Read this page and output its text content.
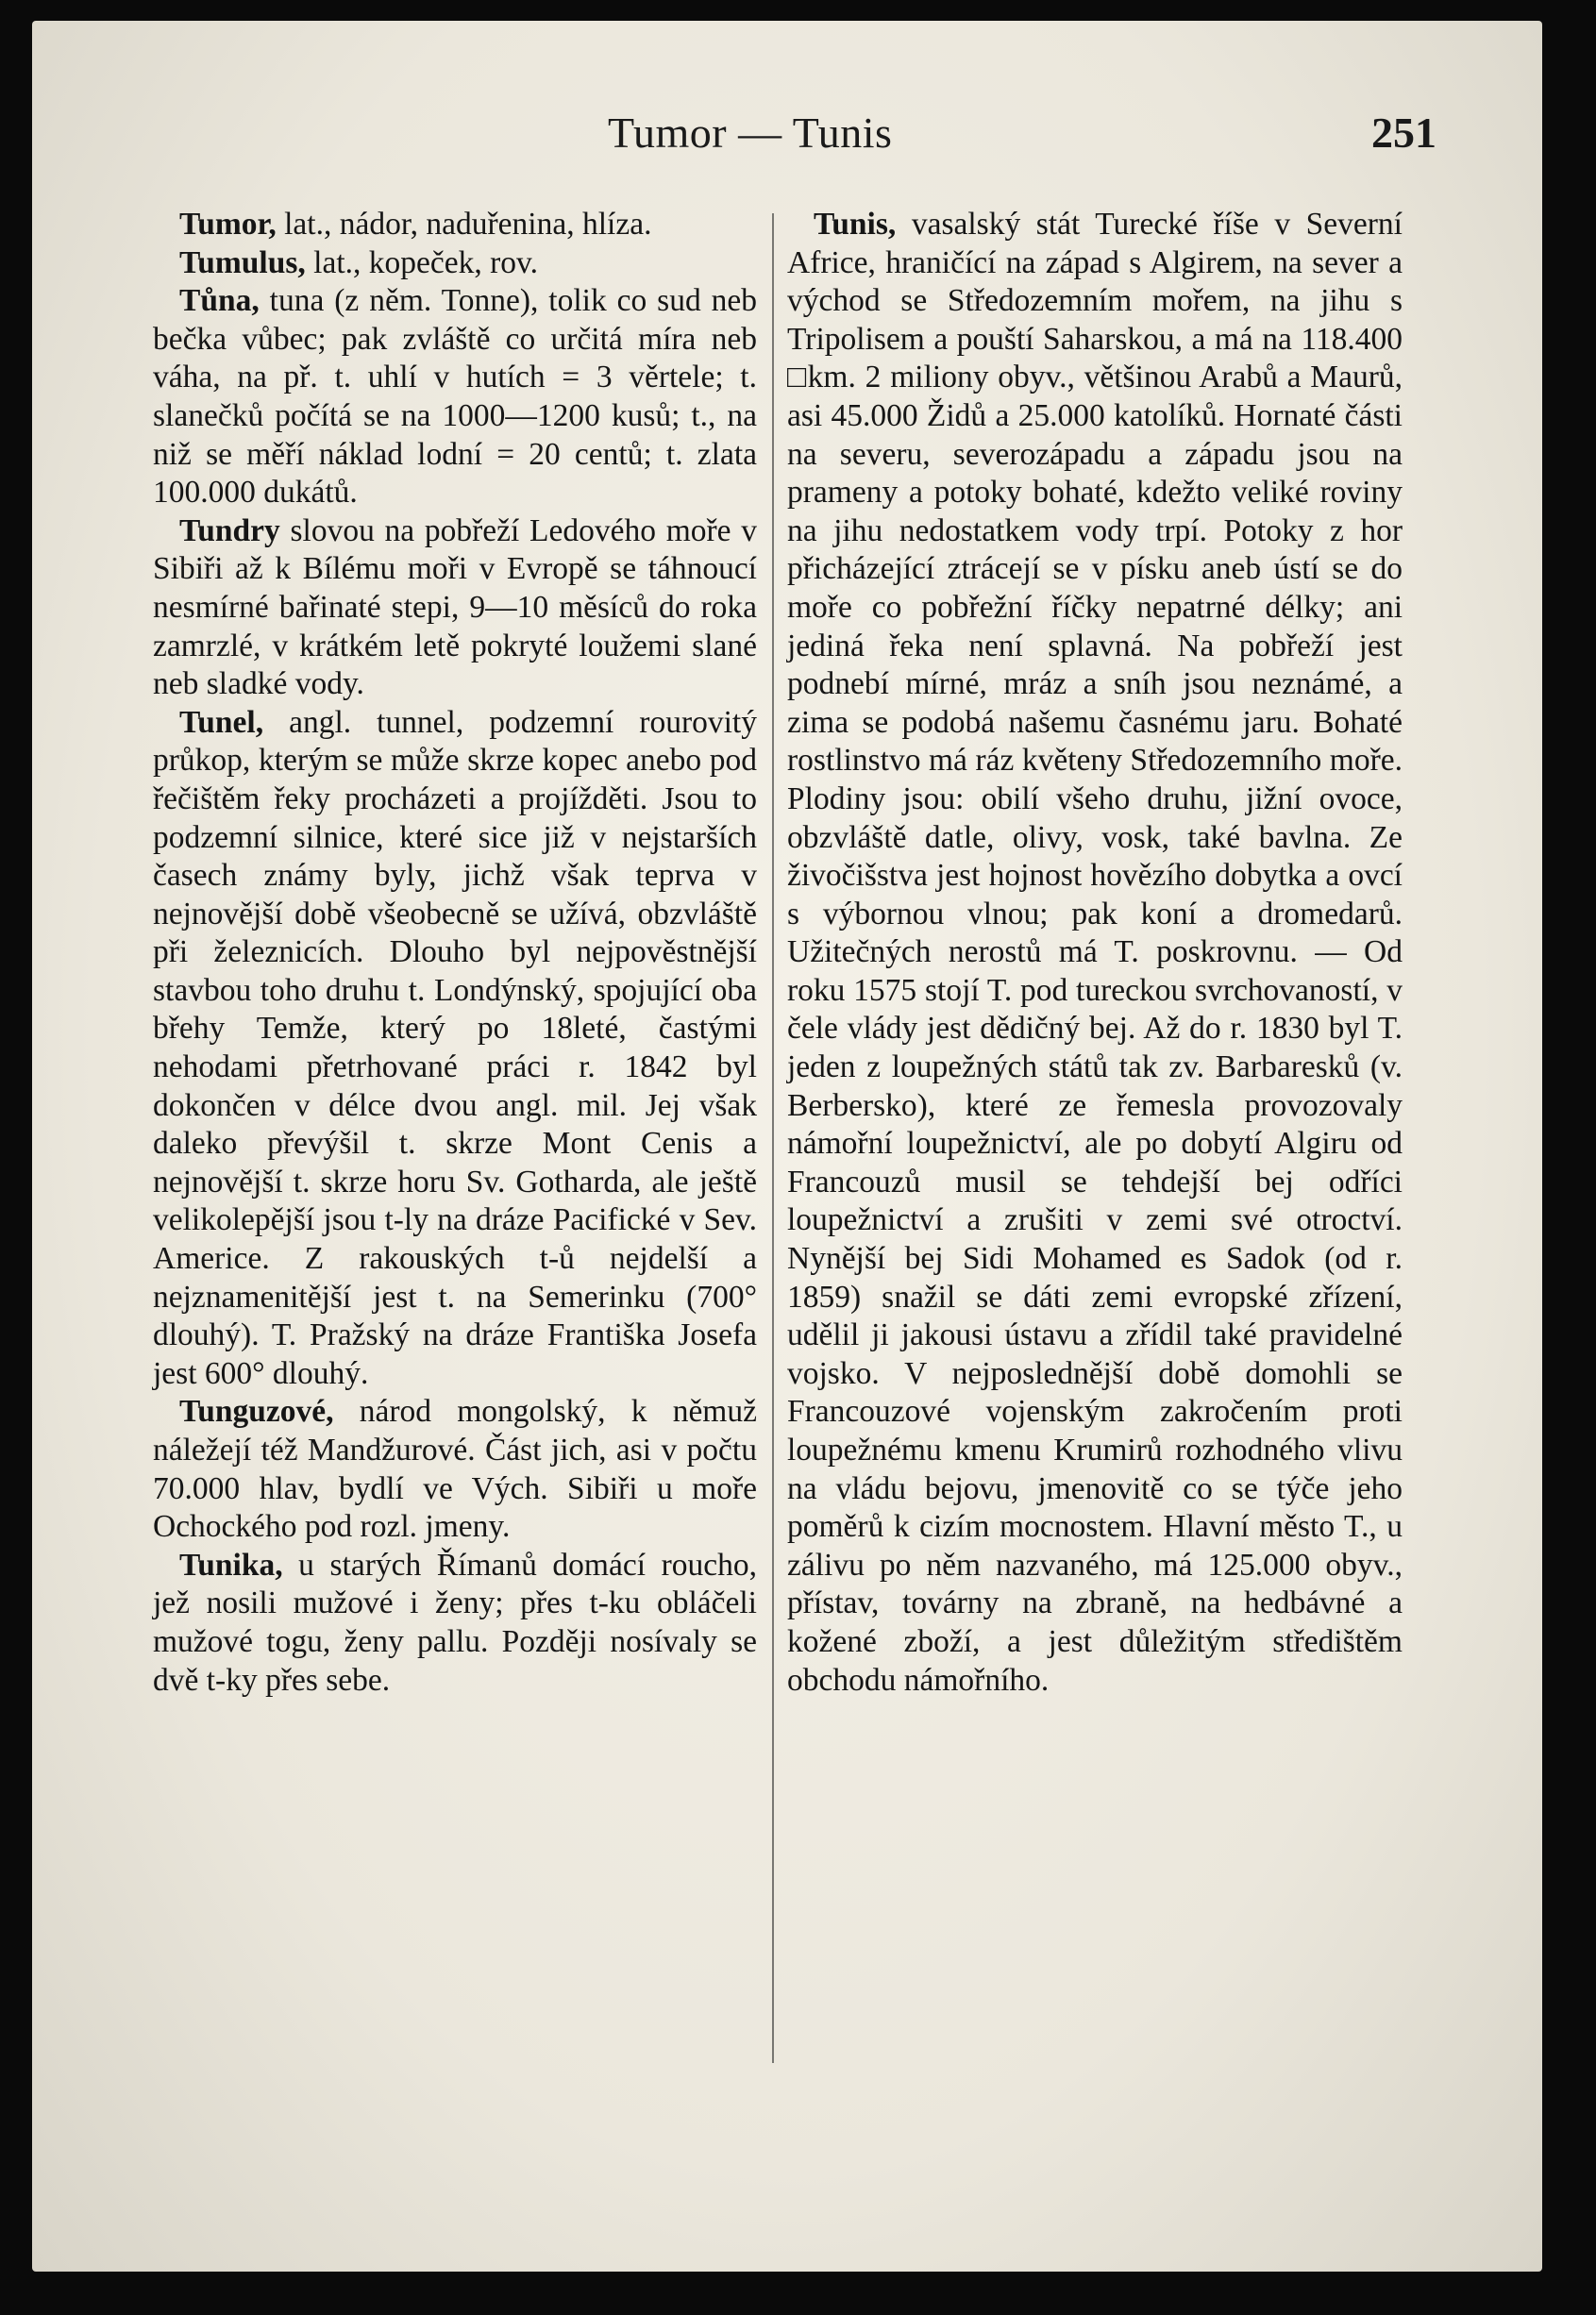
Tumor — Tunis	251

Tumor, lat., nádor, naduřenina, hlíza.

Tumulus, lat., kopeček, rov.

Tůna, tuna (z něm. Tonne), tolik co sud neb bečka vůbec; pak zvláště co určitá míra neb váha, na př. t. uhlí v hutích = 3 věrtele; t. slanečků počítá se na 1000—1200 kusů; t., na niž se měří náklad lodní = 20 centů; t. zlata 100.000 dukátů.

Tundry slovou na pobřeží Ledového moře v Sibiři až k Bílému moři v Evropě se táhnoucí nesmírné bařinaté stepi, 9—10 měsíců do roka zamrzlé, v krátkém letě pokryté loužemi slané neb sladké vody.

Tunel, angl. tunnel, podzemní rourovitý průkop, kterým se může skrze kopec anebo pod řečištěm řeky procházeti a projížděti. Jsou to podzemní silnice, které sice již v nejstarších časech známy byly, jichž však teprva v nejnovější době všeobecně se užívá, obzvláště při železnicích. Dlouho byl nejpověstnější stavbou toho druhu t. Londýnský, spojující oba břehy Temže, který po 18leté, častými nehodami přetrhované práci r. 1842 byl dokončen v délce dvou angl. mil. Jej však daleko převýšil t. skrze Mont Cenis a nejnovější t. skrze horu Sv. Gotharda, ale ještě velikolepější jsou t-ly na dráze Pacifické v Sev. Americe. Z rakouských t-ů nejdelší a nejznamenitější jest t. na Semerinku (700° dlouhý). T. Pražský na dráze Františka Josefa jest 600° dlouhý.

Tunguzové, národ mongolský, k němuž náležejí též Mandžurové. Část jich, asi v počtu 70.000 hlav, bydlí ve Vých. Sibiři u moře Ochockého pod rozl. jmeny.

Tunika, u starých Římanů domácí roucho, jež nosili mužové i ženy; přes t-ku obláčeli mužové togu, ženy pallu. Později nosívaly se dvě t-ky přes sebe.

Tunis, vasalský stát Turecké říše v Severní Africe, hraničící na západ s Algirem, na sever a východ se Středozemním mořem, na jihu s Tripolisem a pouští Saharskou, a má na 118.400 □km. 2 miliony obyv., většinou Arabů a Maurů, asi 45.000 Židů a 25.000 katolíků. Hornaté části na severu, severozápadu a západu jsou na prameny a potoky bohaté, kdežto veliké roviny na jihu nedostatkem vody trpí. Potoky z hor přicházející ztrácejí se v písku aneb ústí se do moře co pobřežní říčky nepatrné délky; ani jediná řeka není splavná. Na pobřeží jest podnebí mírné, mráz a sníh jsou neznámé, a zima se podobá našemu časnému jaru. Bohaté rostlinstvo má ráz květeny Středozemního moře. Plodiny jsou: obilí všeho druhu, jižní ovoce, obzvláště datle, olivy, vosk, také bavlna. Ze živočišstva jest hojnost hovězího dobytka a ovcí s výbornou vlnou; pak koní a dromedarů. Užitečných nerostů má T. poskrovnu. — Od roku 1575 stojí T. pod tureckou svrchovaností, v čele vlády jest dědičný bej. Až do r. 1830 byl T. jeden z loupežných států tak zv. Barbaresků (v. Berbersko), které ze řemesla provozovaly námořní loupežnictví, ale po dobytí Algiru od Francouzů musil se tehdejší bej odříci loupežnictví a zrušiti v zemi své otroctví. Nynější bej Sidi Mohamed es Sadok (od r. 1859) snažil se dáti zemi evropské zřízení, udělil ji jakousi ústavu a zřídil také pravidelné vojsko. V nejposlednější době domohli se Francouzové vojenským zakročením proti loupežnému kmenu Krumirů rozhodného vlivu na vládu bejovu, jmenovitě co se týče jeho poměrů k cizím mocnostem. Hlavní město T., u zálivu po něm nazvaného, má 125.000 obyv., přístav, továrny na zbraně, na hedbávné a kožené zboží, a jest důležitým středištěm obchodu námořního.
